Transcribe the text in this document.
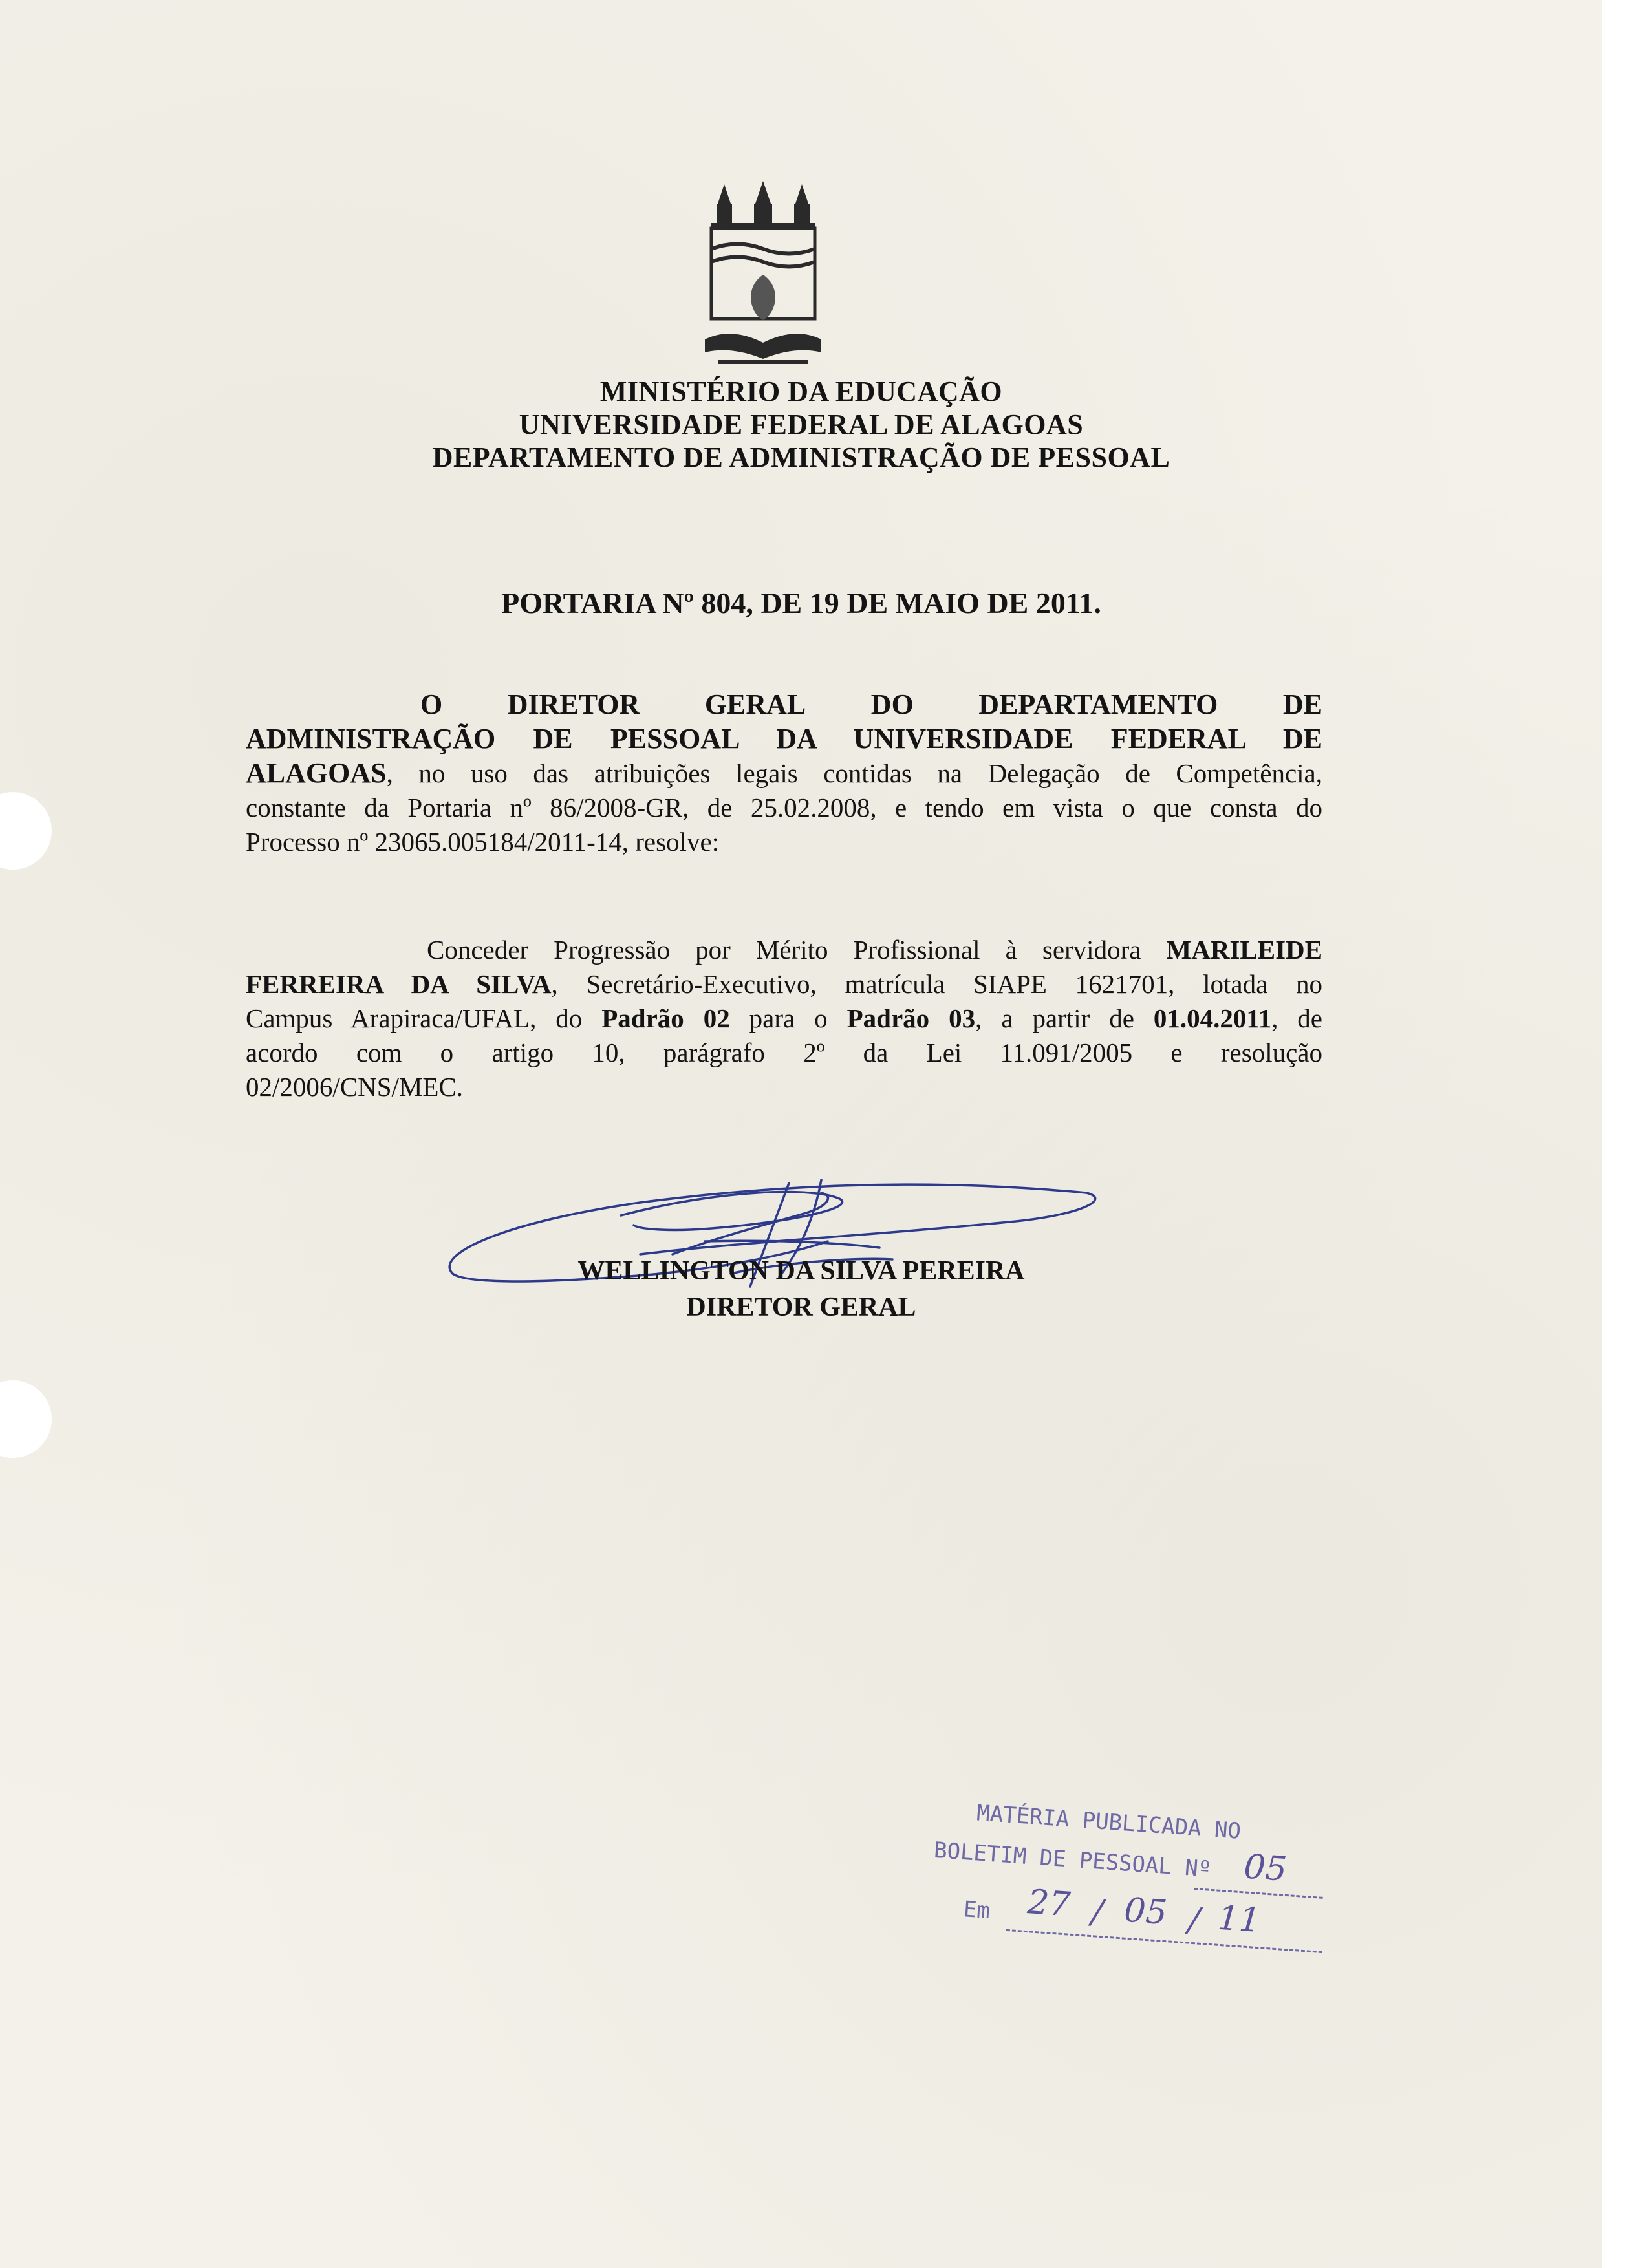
MINISTÉRIO DA EDUCAÇÃO
UNIVERSIDADE FEDERAL DE ALAGOAS
DEPARTAMENTO DE ADMINISTRAÇÃO DE PESSOAL
PORTARIA Nº 804, DE 19 DE MAIO DE 2011.
O DIRETOR GERAL DO DEPARTAMENTO DE
ADMINISTRAÇÃO DE PESSOAL DA UNIVERSIDADE FEDERAL DE
ALAGOAS, no uso das atribuições legais contidas na Delegação de Competência,
constante da Portaria nº 86/2008-GR, de 25.02.2008, e tendo em vista o que consta do
Processo nº 23065.005184/2011-14, resolve:
Conceder Progressão por Mérito Profissional à servidora MARILEIDE
FERREIRA DA SILVA, Secretário-Executivo, matrícula SIAPE 1621701, lotada no
Campus Arapiraca/UFAL, do Padrão 02 para o Padrão 03, a partir de 01.04.2011, de
acordo com o artigo 10, parágrafo 2º da Lei 11.091/2005 e resolução
02/2006/CNS/MEC.
WELLINGTON DA SILVA PEREIRA
DIRETOR GERAL
MATÉRIA PUBLICADA NO
BOLETIM DE PESSOAL Nº 05
Em 27 / 05 / 11
